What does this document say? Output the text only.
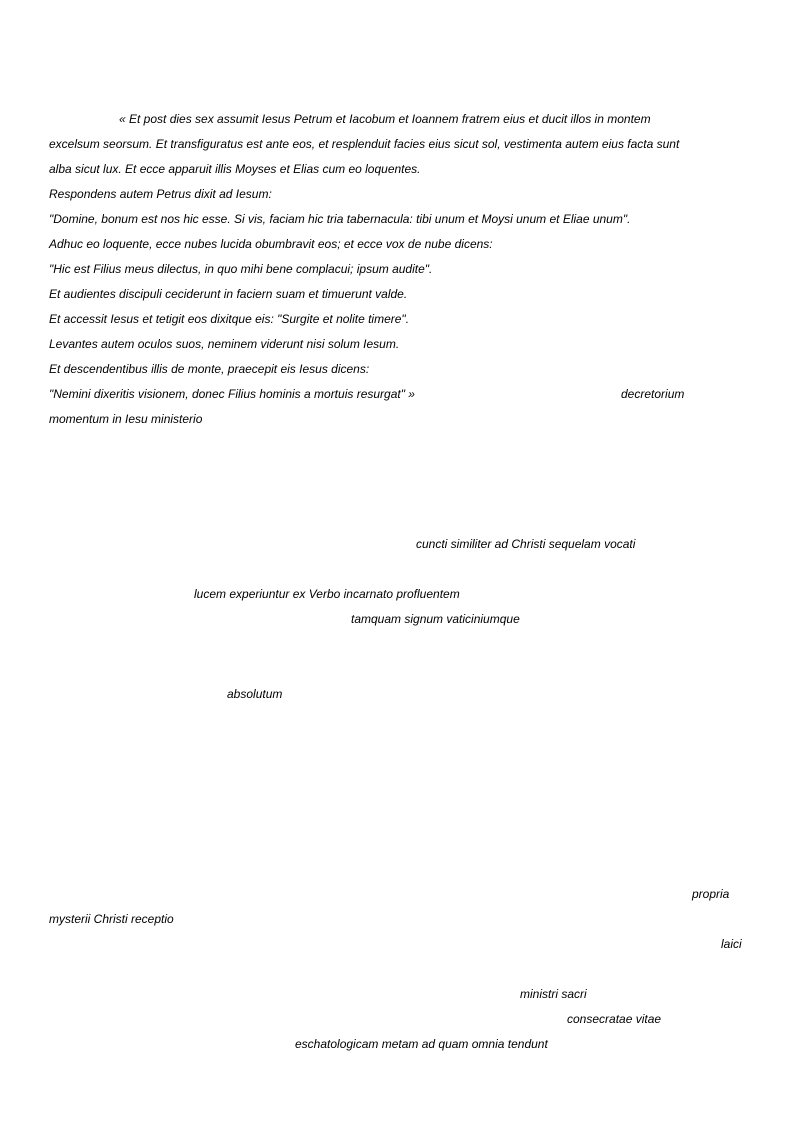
« Et post dies sex assumit Iesus Petrum et Iacobum et Ioannem fratrem eius et ducit illos in montem
excelsum seorsum. Et transfiguratus est ante eos, et resplenduit facies eius sicut sol, vestimenta autem eius facta sunt
alba sicut lux. Et ecce apparuit illis Moyses et Elias cum eo loquentes.
Respondens autem Petrus dixit ad Iesum:
"Domine, bonum est nos hic esse. Si vis, faciam hic tria tabernacula: tibi unum et Moysi unum et Eliae unum".
Adhuc eo loquente, ecce nubes lucida obumbravit eos; et ecce vox de nube dicens:
"Hic est Filius meus dilectus, in quo mihi bene complacui; ipsum audite".
Et audientes discipuli ceciderunt in faciern suam et timuerunt valde.
Et accessit Iesus et tetigit eos dixitque eis: "Surgite et nolite timere".
Levantes autem oculos suos, neminem viderunt nisi solum Iesum.
Et descendentibus illis de monte, praecepit eis Iesus dicens:
"Nemini dixeritis visionem, donec Filius hominis a mortuis resurgat" »	decretorium
momentum in Iesu ministerio
cuncti similiter ad Christi sequelam vocati
lucem experiuntur ex Verbo incarnato profluentem
tamquam signum vaticiniumque
absolutum
propria
mysterii Christi receptio
laici
ministri sacri
consecratae vitae
eschatologicam metam ad quam omnia tendunt
